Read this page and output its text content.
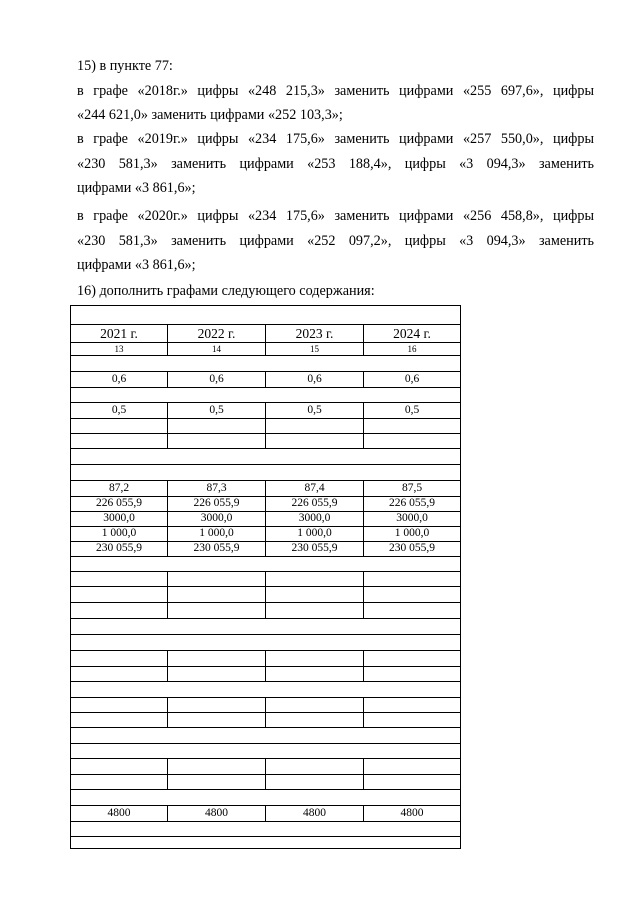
15) в пункте 77:
в графе «2018г.» цифры «248 215,3» заменить цифрами «255 697,6», цифры
«244 621,0» заменить цифрами «252 103,3»;
в графе «2019г.» цифры «234 175,6» заменить цифрами «257 550,0», цифры
«230 581,3» заменить цифрами «253 188,4», цифры «3 094,3» заменить
цифрами «3 861,6»;
в графе «2020г.» цифры «234 175,6» заменить цифрами «256 458,8», цифры
«230 581,3» заменить цифрами «252 097,2», цифры «3 094,3» заменить
цифрами «3 861,6»;
16) дополнить графами следующего содержания:
2021 г.	2022 г.	2023 г.	2024 г.
13	14	15	16
0,6	0,6	0,6	0,6
0,5	0,5	0,5	0,5
87,2	87,3	87,4	87,5
226 055,9	226 055,9	226 055,9	226 055,9
3000,0	3000,0	3000,0	3000,0
1 000,0	1 000,0	1 000,0	1 000,0
230 055,9	230 055,9	230 055,9	230 055,9
4800	4800	4800	4800
